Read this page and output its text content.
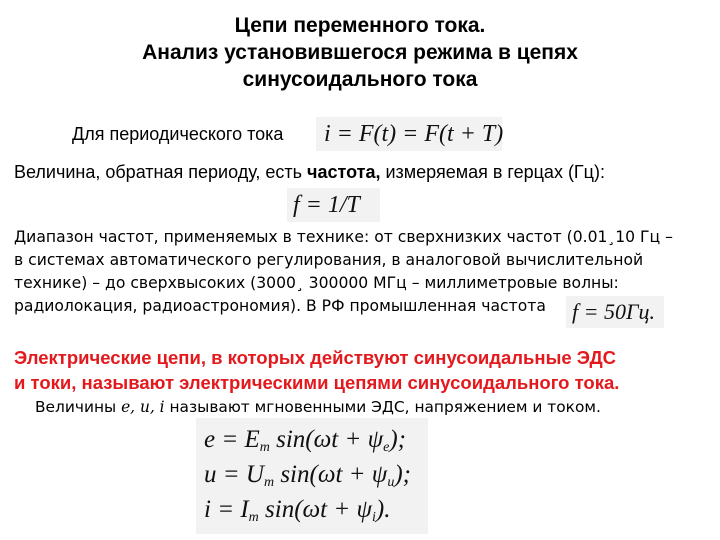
Цепи переменного тока.
Анализ установившегося режима в цепях
синусоидального тока
Для периодического тока	i = F(t) = F(t + T)
Величина, обратная периоду, есть частота, измеряемая в герцах (Гц):
f = 1/T
Диапазон частот, применяемых в технике: от сверхнизких частот (0.01¸10 Гц –
в системах автоматического регулирования, в аналоговой вычислительной
технике) – до сверхвысоких (3000¸ 300000 МГц – миллиметровые волны:
радиолокация, радиоастрономия). В РФ промышленная частота	f = 50Гц.
Электрические цепи, в которых действуют синусоидальные ЭДС
и токи, называют электрическими цепями синусоидального тока.
Величины e, u, i называют мгновенными ЭДС, напряжением и током.
$e = E_m$ $\sin(\omega t + \psi_e)$;
$u = U_m$ $\sin(\omega t + \psi_u)$;
$i = I_m$ $\sin(\omega t + \psi_i)$.
